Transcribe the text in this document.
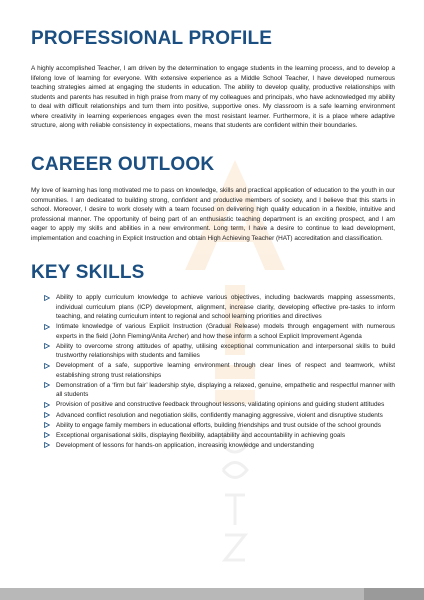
PROFESSIONAL PROFILE

A highly accomplished Teacher, I am driven by the determination to engage students in the learning process, and to develop a lifelong love of learning for everyone. With extensive experience as a Middle School Teacher, I have developed numerous teaching strategies aimed at engaging the students in education. The ability to develop quality, productive relationships with students and parents has resulted in high praise from many of my colleagues and principals, who have acknowledged my ability to deal with difficult relationships and turn them into positive, supportive ones. My classroom is a safe learning environment where creativity in learning experiences engages even the most resistant learner. Furthermore, it is a place where adaptive structure, along with reliable consistency in expectations, means that students are confident within their boundaries.

CAREER OUTLOOK

My love of learning has long motivated me to pass on knowledge, skills and practical application of education to the youth in our communities. I am dedicated to building strong, confident and productive members of society, and I believe that this starts in school. Moreover, I desire to work closely with a team focused on delivering high quality education in a flexible, intuitive and professional manner. The opportunity of being part of an enthusiastic teaching department is an exciting prospect, and I am eager to apply my skills and abilities in a new environment. Long term, I have a desire to continue to lead development, implementation and coaching in Explicit Instruction and obtain High Achieving Teacher (HAT) accreditation and classification.

KEY SKILLS
Ability to apply curriculum knowledge to achieve various objectives, including backwards mapping assessments, individual curriculum plans (ICP) development, alignment, increase clarity, developing effective pre-tasks to inform teaching, and relating curriculum intent to regional and school learning priorities and directives
Intimate knowledge of various Explicit Instruction (Gradual Release) models through engagement with numerous experts in the field (John Fleming/Anita Archer) and how these inform a school Explicit Improvement Agenda
Ability to overcome strong attitudes of apathy, utilising exceptional communication and interpersonal skills to build trustworthy relationships with students and families
Development of a safe, supportive learning environment through clear lines of respect and teamwork, whilst establishing strong trust relationships
Demonstration of a ‘firm but fair’ leadership style, displaying a relaxed, genuine, empathetic and respectful manner with all students
Provision of positive and constructive feedback throughout lessons, validating opinions and guiding student attitudes
Advanced conflict resolution and negotiation skills, confidently managing aggressive, violent and disruptive students
Ability to engage family members in educational efforts, building friendships and trust outside of the school grounds
Exceptional organisational skills, displaying flexibility, adaptability and accountability in achieving goals
Development of lessons for hands-on application, increasing knowledge and understanding
